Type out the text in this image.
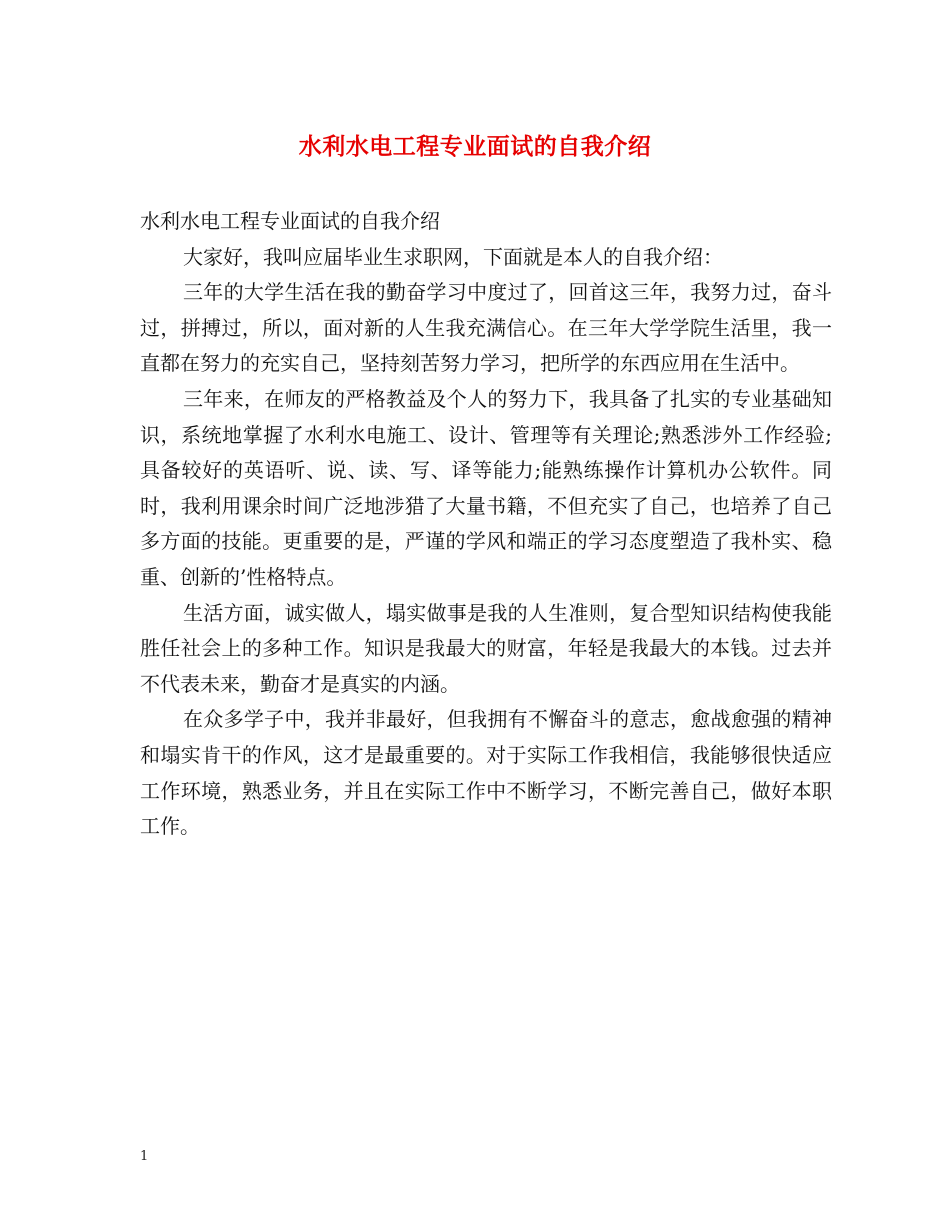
水利水电工程专业面试的自我介绍

水利水电工程专业面试的自我介绍

大家好，我叫应届毕业生求职网，下面就是本人的自我介绍：

三年的大学生活在我的勤奋学习中度过了，回首这三年，我努力过，奋斗过，拼搏过，所以，面对新的人生我充满信心。在三年大学学院生活里，我一直都在努力的充实自己，坚持刻苦努力学习，把所学的东西应用在生活中。

三年来，在师友的严格教益及个人的努力下，我具备了扎实的专业基础知识，系统地掌握了水利水电施工、设计、管理等有关理论;熟悉涉外工作经验;具备较好的英语听、说、读、写、译等能力;能熟练操作计算机办公软件。同时，我利用课余时间广泛地涉猎了大量书籍，不但充实了自己，也培养了自己多方面的技能。更重要的是，严谨的学风和端正的学习态度塑造了我朴实、稳重、创新的’性格特点。

生活方面，诚实做人，塌实做事是我的人生准则，复合型知识结构使我能胜任社会上的多种工作。知识是我最大的财富，年轻是我最大的本钱。过去并不代表未来，勤奋才是真实的内涵。

在众多学子中，我并非最好，但我拥有不懈奋斗的意志，愈战愈强的精神和塌实肯干的作风，这才是最重要的。对于实际工作我相信，我能够很快适应工作环境，熟悉业务，并且在实际工作中不断学习，不断完善自己，做好本职工作。

1
